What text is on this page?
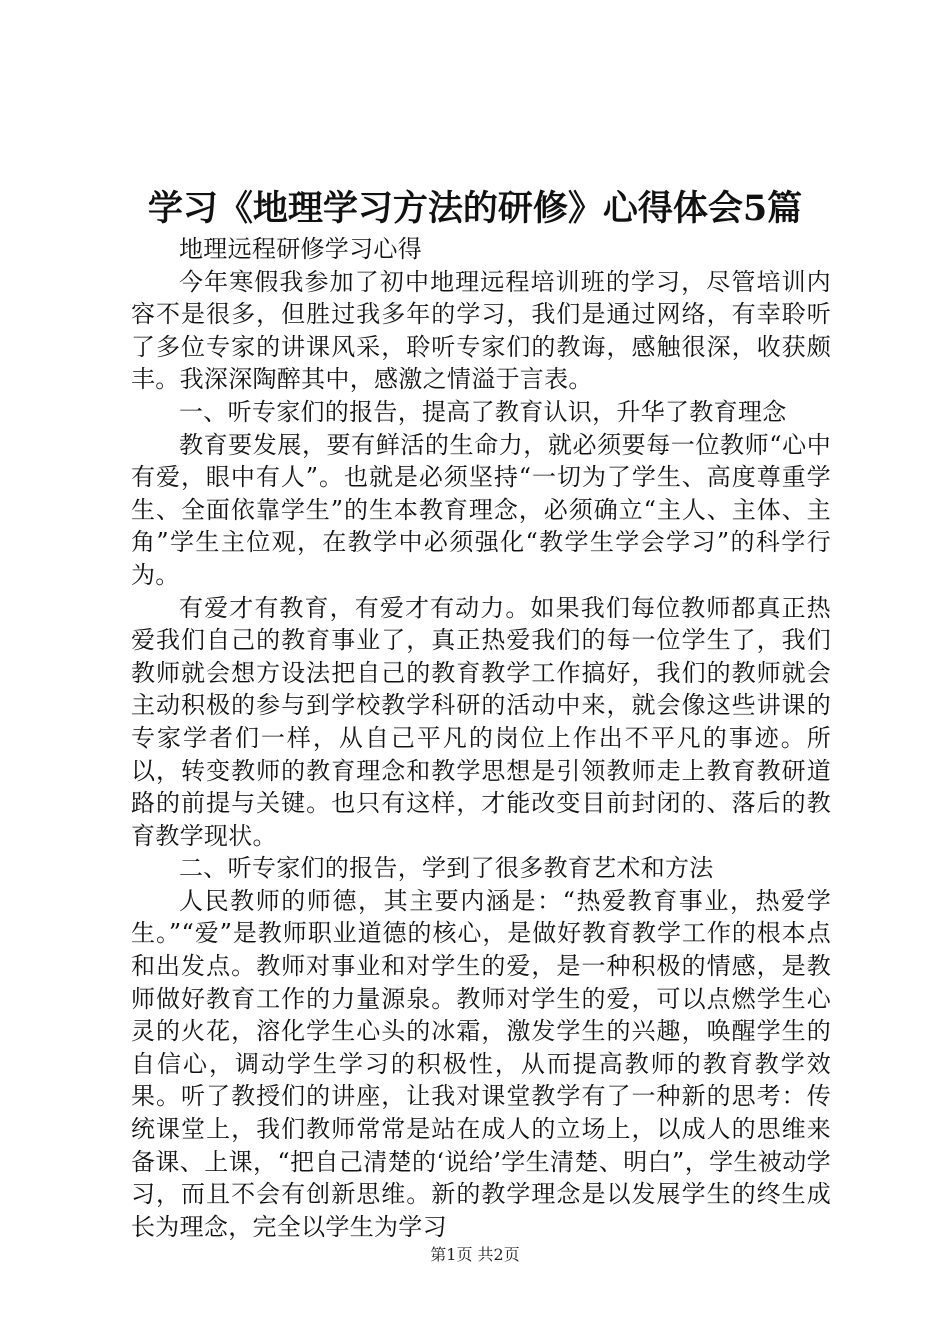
学习《地理学习方法的研修》心得体会5篇

地理远程研修学习心得

今年寒假我参加了初中地理远程培训班的学习，尽管培训内容不是很多，但胜过我多年的学习，我们是通过网络，有幸聆听了多位专家的讲课风采，聆听专家们的教诲，感触很深，收获颇丰。我深深陶醉其中，感激之情溢于言表。

一、听专家们的报告，提高了教育认识，升华了教育理念

教育要发展，要有鲜活的生命力，就必须要每一位教师“心中有爱，眼中有人”。也就是必须坚持“一切为了学生、高度尊重学生、全面依靠学生”的生本教育理念，必须确立“主人、主体、主角”学生主位观，在教学中必须强化“教学生学会学习”的科学行为。

有爱才有教育，有爱才有动力。如果我们每位教师都真正热爱我们自己的教育事业了，真正热爱我们的每一位学生了，我们教师就会想方设法把自己的教育教学工作搞好，我们的教师就会主动积极的参与到学校教学科研的活动中来，就会像这些讲课的专家学者们一样，从自己平凡的岗位上作出不平凡的事迹。所以，转变教师的教育理念和教学思想是引领教师走上教育教研道路的前提与关键。也只有这样，才能改变目前封闭的、落后的教育教学现状。

二、听专家们的报告，学到了很多教育艺术和方法

人民教师的师德，其主要内涵是：“热爱教育事业，热爱学生。”“爱”是教师职业道德的核心，是做好教育教学工作的根本点和出发点。教师对事业和对学生的爱，是一种积极的情感，是教师做好教育工作的力量源泉。教师对学生的爱，可以点燃学生心灵的火花，溶化学生心头的冰霜，激发学生的兴趣，唤醒学生的自信心，调动学生学习的积极性，从而提高教师的教育教学效果。听了教授们的讲座，让我对课堂教学有了一种新的思考：传统课堂上，我们教师常常是站在成人的立场上，以成人的思维来备课、上课，“把自己清楚的‘说给’学生清楚、明白”，学生被动学习，而且不会有创新思维。新的教学理念是以发展学生的终生成长为理念，完全以学生为学习

第1页 共2页
